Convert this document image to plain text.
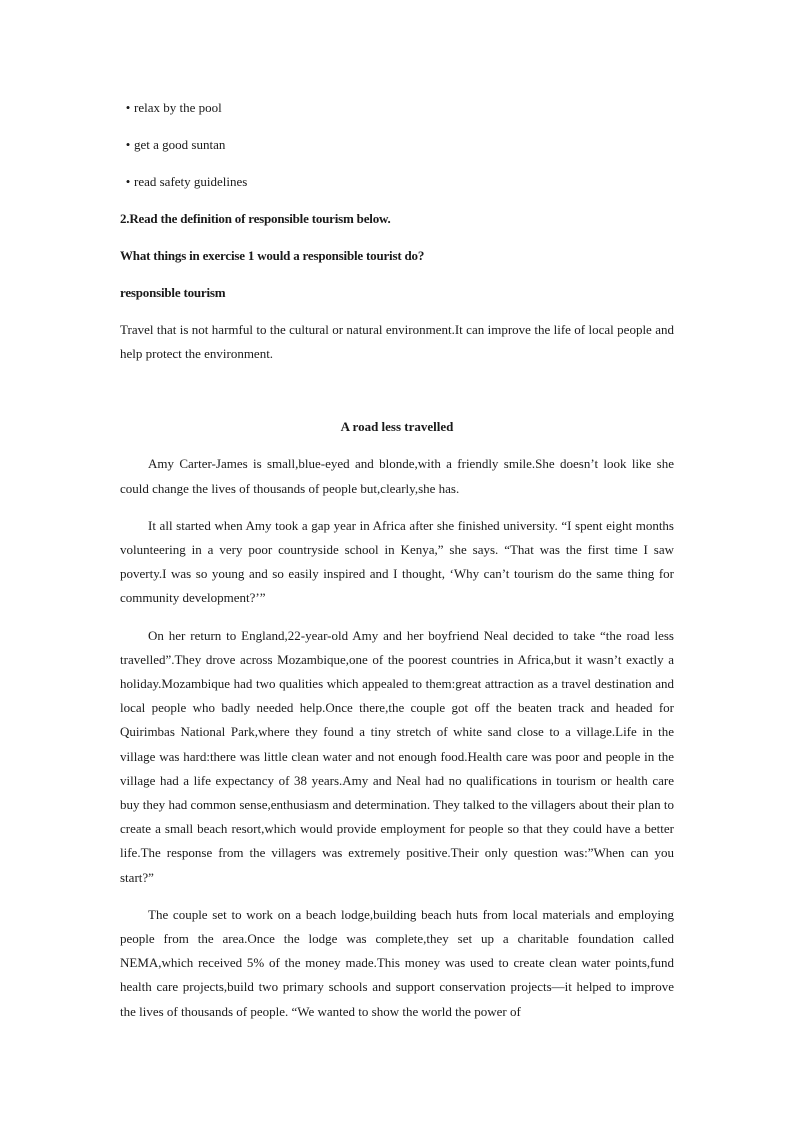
• relax by the pool
• get a good suntan
• read safety guidelines

2.Read the definition of responsible tourism below.

What things in exercise 1 would a responsible tourist do?

responsible tourism

Travel that is not harmful to the cultural or natural environment.It can improve the life of local people and help protect the environment.

A road less travelled

Amy Carter-James is small,blue-eyed and blonde,with a friendly smile.She doesn’t look like she could change the lives of thousands of people but,clearly,she has.

It all started when Amy took a gap year in Africa after she finished university. “I spent eight months volunteering in a very poor countryside school in Kenya,” she says. “That was the first time I saw poverty.I was so young and so easily inspired and I thought, ‘Why can’t tourism do the same thing for community development?’”

On her return to England,22-year-old Amy and her boyfriend Neal decided to take “the road less travelled”.They drove across Mozambique,one of the poorest countries in Africa,but it wasn’t exactly a holiday.Mozambique had two qualities which appealed to them:great attraction as a travel destination and local people who badly needed help.Once there,the couple got off the beaten track and headed for Quirimbas National Park,where they found a tiny stretch of white sand close to a village.Life in the village was hard:there was little clean water and not enough food.Health care was poor and people in the village had a life expectancy of 38 years.Amy and Neal had no qualifications in tourism or health care buy they had common sense,enthusiasm and determination. They talked to the villagers about their plan to create a small beach resort,which would provide employment for people so that they could have a better life.The response from the villagers was extremely positive.Their only question was:”When can you start?”

The couple set to work on a beach lodge,building beach huts from local materials and employing people from the area.Once the lodge was complete,they set up a charitable foundation called NEMA,which received 5% of the money made.This money was used to create clean water points,fund health care projects,build two primary schools and support conservation projects—it helped to improve the lives of thousands of people. “We wanted to show the world the power of
